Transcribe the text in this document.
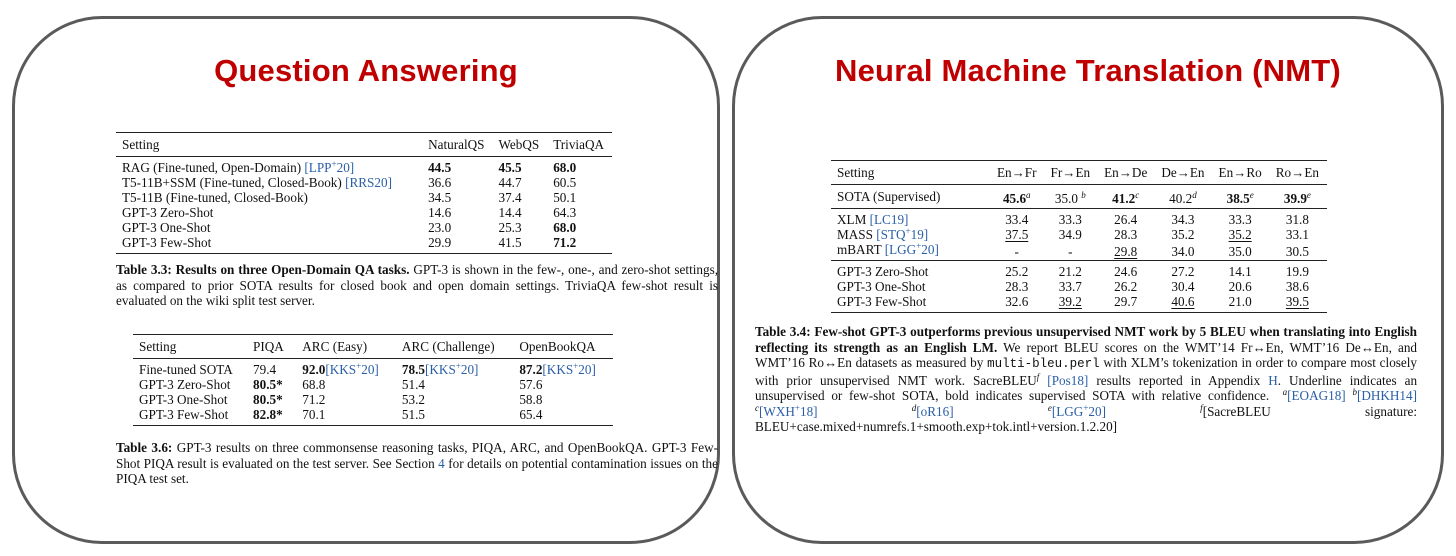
Question Answering
Setting	NaturalQS	WebQS	TriviaQA
RAG (Fine-tuned, Open-Domain) [LPP+20]	44.5	45.5	68.0
T5-11B+SSM (Fine-tuned, Closed-Book) [RRS20]	36.6	44.7	60.5
T5-11B (Fine-tuned, Closed-Book)	34.5	37.4	50.1
GPT-3 Zero-Shot	14.6	14.4	64.3
GPT-3 One-Shot	23.0	25.3	68.0
GPT-3 Few-Shot	29.9	41.5	71.2
Table 3.3: Results on three Open-Domain QA tasks. GPT-3 is shown in the few-, one-, and zero-shot settings, as compared to prior SOTA results for closed book and open domain settings. TriviaQA few-shot result is evaluated on the wiki split test server.
Setting	PIQA	ARC (Easy)	ARC (Challenge)	OpenBookQA
Fine-tuned SOTA	79.4	92.0[KKS+20]	78.5[KKS+20]	87.2[KKS+20]
GPT-3 Zero-Shot	80.5*	68.8	51.4	57.6
GPT-3 One-Shot	80.5*	71.2	53.2	58.8
GPT-3 Few-Shot	82.8*	70.1	51.5	65.4
Table 3.6: GPT-3 results on three commonsense reasoning tasks, PIQA, ARC, and OpenBookQA. GPT-3 Few-Shot PIQA result is evaluated on the test server. See Section 4 for details on potential contamination issues on the PIQA test set.
Neural Machine Translation (NMT)
Setting	En→Fr	Fr→En	En→De	De→En	En→Ro	Ro→En
SOTA (Supervised)	45.6$^a$	35.0 $^b$	41.2$^c$	40.2$^d$	38.5e	39.9e
XLM [LC19]	33.4	33.3	26.4	34.3	33.3	31.8
MASS [STQ+19]	37.5	34.9	28.3	35.2	35.2	33.1
mBART [LGG+20]	-	-	29.8	34.0	35.0	30.5
GPT-3 Zero-Shot	25.2	21.2	24.6	27.2	14.1	19.9
GPT-3 One-Shot	28.3	33.7	26.2	30.4	20.6	38.6
GPT-3 Few-Shot	32.6	39.2	29.7	40.6	21.0	39.5
Table 3.4: Few-shot GPT-3 outperforms previous unsupervised NMT work by 5 BLEU when translating into English reflecting its strength as an English LM. We report BLEU scores on the WMT’14 Fr↔En, WMT’16 De↔En, and WMT’16 Ro↔En datasets as measured by multi-bleu.perl with XLM’s tokenization in order to compare most closely with prior unsupervised NMT work. SacreBLEU$^f$ [Pos18] results reported in Appendix H. Underline indicates an unsupervised or few-shot SOTA, bold indicates supervised SOTA with relative confidence. $^a$[EOAG18] $^b$[DHKH14] $^c$[WXH+18]	$^d$[oR16]	$^e$[LGG+20]	$^f$[SacreBLEU signature: BLEU+case.mixed+numrefs.1+smooth.exp+tok.intl+version.1.2.20]
